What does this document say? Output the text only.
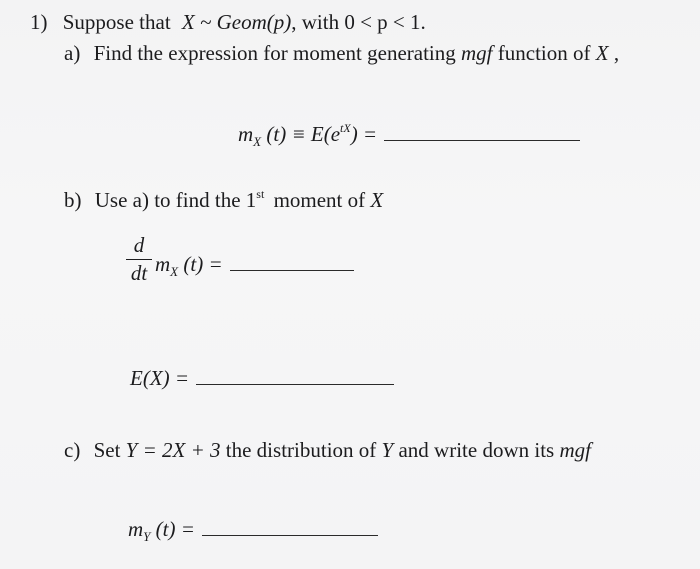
1) Suppose that X ~ Geom(p), with 0 < p < 1.
a) Find the expression for moment generating mgf function of X ,
$m_X$ $(t) \equiv E(e^{tX})$ =
b) Use a) to find the 1st moment of X
d
dt $m_X$ (t) =
E(X) =
c) Set Y = 2X + 3 the distribution of Y and write down its mgf
$m_Y$ (t) =
